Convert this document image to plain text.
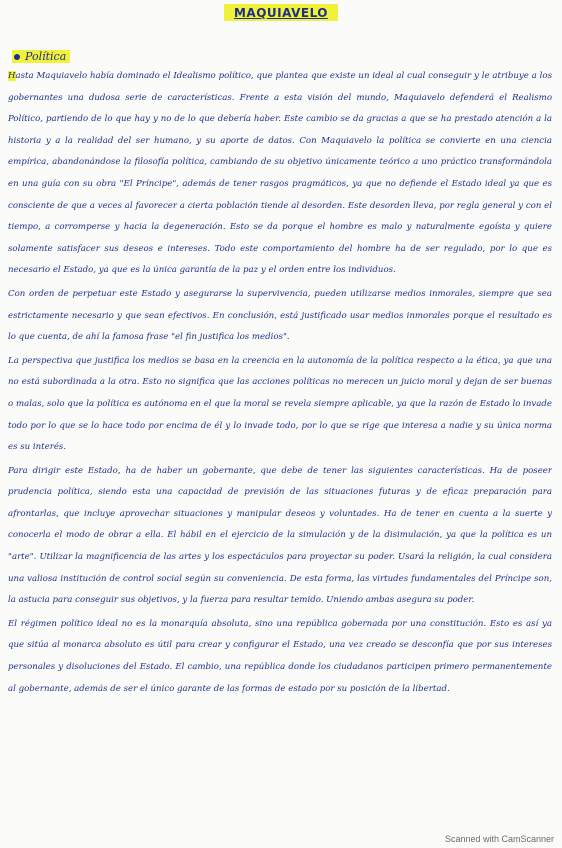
MAQUIAVELO
Política

Hasta Maquiavelo había dominado el Idealismo político, que plantea que existe un ideal al cual conseguir y le atribuye a los gobernantes una dudosa serie de características. Frente a esta visión del mundo, Maquiavelo defenderá el Realismo Político, partiendo de lo que hay y no de lo que debería haber. Este cambio se da gracias a que se ha prestado atención a la historia y a la realidad del ser humano, y su aporte de datos. Con Maquiavelo la política se convierte en una ciencia empírica, abandonándose la filosofía política, cambiando de su objetivo únicamente teórico a uno práctico transformándola en una guía con su obra "El Príncipe", además de tener rasgos pragmáticos, ya que no defiende el Estado ideal ya que es consciente de que a veces al favorecer a cierta población tiende al desorden. Este desorden lleva, por regla general y con el tiempo, a corromperse y hacia la degeneración. Esto se da porque el hombre es malo y naturalmente egoísta y quiere solamente satisfacer sus deseos e intereses. Todo este comportamiento del hombre ha de ser regulado, por lo que es necesario el Estado, ya que es la única garantía de la paz y el orden entre los individuos.

Con orden de perpetuar este Estado y asegurarse la supervivencia, pueden utilizarse medios inmorales, siempre que sea estrictamente necesario y que sean efectivos. En conclusión, está justificado usar medios inmorales porque el resultado es lo que cuenta, de ahí la famosa frase "el fin justifica los medios".

La perspectiva que justifica los medios se basa en la creencia en la autonomía de la política respecto a la ética, ya que una no está subordinada a la otra. Esto no significa que las acciones políticas no merecen un juicio moral y dejan de ser buenas o malas, solo que la política es autónoma en el que la moral se revela siempre aplicable, ya que la razón de Estado lo invade todo por lo que se lo hace todo por encima de él y lo invade todo, por lo que se rige que interesa a nadie y su única norma es su interés.

Para dirigir este Estado, ha de haber un gobernante, que debe de tener las siguientes características. Ha de poseer prudencia política, siendo esta una capacidad de previsión de las situaciones futuras y de eficaz preparación para afrontarlas, que incluye aprovechar situaciones y manipular deseos y voluntades. Ha de tener en cuenta a la suerte y conocerla el modo de obrar a ella. El hábil en el ejercicio de la simulación y de la disimulación, ya que la política es un "arte". Utilizar la magnificencia de las artes y los espectáculos para proyectar su poder. Usará la religión, la cual considera una valiosa institución de control social según su conveniencia. De esta forma, las virtudes fundamentales del Príncipe son, la astucia para conseguir sus objetivos, y la fuerza para resultar temido. Uniendo ambas asegura su poder.

El régimen político ideal no es la monarquía absoluta, sino una república gobernada por una constitución. Esto es así ya que sitúa al monarca absoluto es útil para crear y configurar el Estado, una vez creado se desconfía que por sus intereses personales y disoluciones del Estado. El cambio, una república donde los ciudadanos participen primero permanentemente al gobernante, además de ser el único garante de las formas de estado por su posición de la libertad.

Scanned with CamScanner
